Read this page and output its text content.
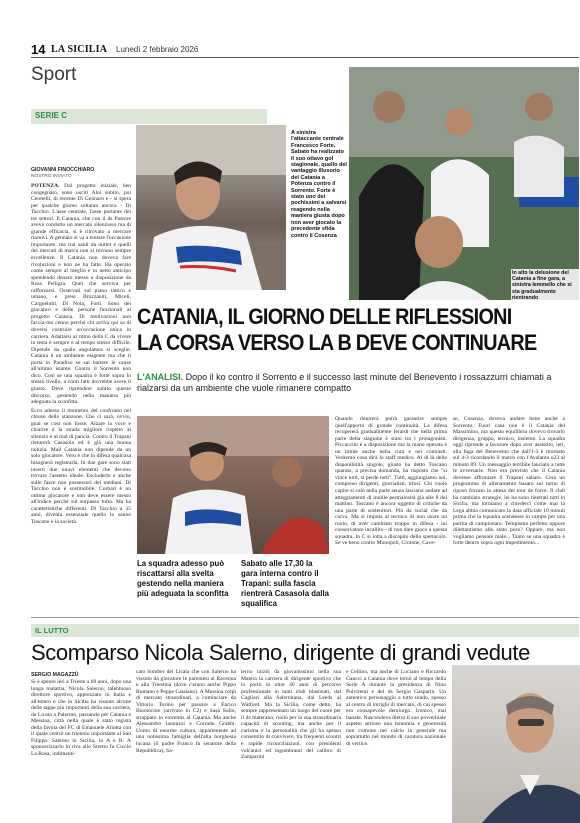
14 LA SICILIA Lunedì 2 febbraio 2026
Sport
SERIE C
GIOVANNI FINOCCHIARO
NOSTRO INVIATO

POTENZA. Dal progetto iniziale, ben congegnato, sono usciti Aloi subito, poi Ceretelli, di recente Di Gennaro e - si spera per qualche giorno soltanto ancora - Di Tacchio. L'asse centrale, l'asse portante dei tre settori. Il Catania, che con il ds Pastore aveva condotto un mercato silenzioso ma di grande efficacia, si è ritrovato a mercare rinnovi. A gennaio si va a tentare l'occasione importante, ma trai saldi da outlet e quelli dei mercati di marca non si trovano sempre eccellenze. Il Catania non doveva fare rivoluzioni e non ne ha fatte. Ha operato come sempre al meglio e in netto anticipo spendendo denaro messo a disposizione da Ross Pelligra. Quel che serviva per rafforzarsi. Osservati sul piano tattico e umano, e presi Bruzzaniti, Miceli, Cargnelutti, Di Noia, Forti. Sono dei giocatori e delle persone funzionali al progetto Catania. Di motivazioni non faccia-mo cenno perché chi arriva qui sa di doversi costruire un'occasione unica in carriera. Adattarsi al ritmo della C da vivere in testa è sempre e al tempo stesso difficile. Dipende da quale angolatura si sceglie. Catania è un ambiente esigente ma che ti porta in Paradiso se sai battere le cause all'ultimo istante. Contro il Sorrento non dico. Così se una squadra è forte sopra lo stesso livello, a conti fatti dovrebbe avere il giusto. Deve riprendere subito questo discorso, gestendo nella maniera più adeguata la sconfitta.

Ecco adesso il momento del confronto nel chiuso dello stanzone. Che ci sarà, ovvio, guai se così non fosse. Alzare la voce e chiarire è la strada migliore rispetto al silenzio e al mal di pancia. Contro il Trapani rientrerà Casasola ed è già una buona notizia. Mail Catania non dipende da un solo giocatore. Vero è che in difesa qualcosa bisognerà registrarla. In due gare sono stati inserti due nuovi elementi che devono trovare l'assetto ideale. Escluderlo e anche sulle fasce non possessori dei mediani. Di Tacchio non è sostituibile. Corbari è un ottimo giocatore e non deve essere messo all'indice perché sul sorpasso tutto. Ma ha caratteristiche differenti. Di Tacchio a 35 anni, diventa essenziale quello lo sanno Toscano e la società.

A sinistra l'attaccante centrale Francesco Forte. Sabato ha realizzato il suo ottavo gol stagionale, quello del vantaggio illusorio del Catania a Potenza contro il Sorrento. Forte è stato uno dei pochissimi a salvarsi reagendo nella maniera giusta dopo non aver giocato la precedente sfida contro il Cosenza
In alto la delusione del Catania a fine gara, a sinistra Iemmello che si sta gradualmente rientrando
CATANIA, IL GIORNO DELLE RIFLESSIONI
LA CORSA VERSO LA B DEVE CONTINUARE
L'ANALISI. Dopo il ko contro il Sorrento e il successo last minute del Benevento i rossazzurri chiamati a rialzarsi da un ambiente che vuole rimanere compatto
La squadra adesso può riscattarsi alla svelta gestendo nella maniera più adeguata la sconfitta
Sabato alle 17,30 la gara interna contro il Trapani: sulla fascia rientrerà Casasola dalla squalifica

Quando rientrerà potrà garantire sempre quell'apporto di grande continuità. La difesa recupererà gradualmente Ierardi che nella prima parte della stagione è stato tra i protagonisti. Piccaccini è a disposizione ma la mano operata è un limite anche nella cura e nei contrasti. Vedremo cosa dirà lo staff medico. Al di là delle disponibilità singole, giusto ha detto Toscano quando, a precisa domanda, ha risposto che "si vince tutti, si perde tutti". Tutti, aggiungiamo noi, compreso dirigenti, giornalisti, tifosi. Chi vuole capire si calò nella parte senza lasciarsi andare ad atteggiamenti di inutile permalosità già alle 8 del mattino. Toscano è ancora oggetto di critiche da una parte di sostenitori. Più da social che da curva. Ma si imputa al tecnico di non usare un ruolo, di aver cambiato troppo in difesa - lui conservatore incallito - di non dare gioco a questa squadra. In C si lotta a discapito dello spettacolo. Se ve beno contro Monopoli, Crotone, Cave-

se, Cosenza, doveva andare bene anche a Sorrento. Fuori casa non è il Catania del Massimino, ma questo equilibrio dovevo trovarlo dirigenza, gruppo, tecnico, insieme. La squadra oggi riprende a lavorare dopo aver assistito, ieri, alla fuga del Benevento che dall'1-3 è ritornato sul 4-3 ricordando il match con l'Avalanta u23 al minuto 89. Un messaggio terribile lanciato a tutte le avversarie. Non era previsto che il Catania dovesse affrontare il Trapani sabato. Cera un programma di allenamento basato sul turno di riposo forzato in attesa del tour de force. Il club ha cambiato strategie, lei ha sono rientrati tutti in Sicilia, ma torniamo a chiederci come mai la Lega abbia comunicato la data ufficiale 10 minuti prima che la squadra scendesse in campo per una partita di campionato. Tempismo perfetto oppure dilettantismo allo stato puro? Oppure, ma non vogliamo pensare male... Tanto se una squadra è forte dentro sopra ogni impedimento...

IL LUTTO
Scomparso Nicola Salerno, dirigente di grandi vedute
SERGIO MAGAZZÙ

Si è spento ieri a Trieste a 69 anni, dopo una lunga malattia, Nicola Salerno, talentuoso direttore sportivo, apprezzato in Italia e all'estero e che in Sicilia ha vissuto alcune delle tappe più importanti della sua carriera, da Licata a Palermo, passando per Catania e Messina, città nella quale è stato regista della favola del FC di Emanuele Aliotta con il quale centrò un triennio importante al San Filippo. Salerno in Sicilia, in A e B. A sponsorizzarlo in riva allo Stretto fu Ciccio La Rosa, indimenti-

cato bomber del Licata che con Salerno ha vissuto da giocatore le parentesi al Ravenna e alla Triestina (dove c'erano anche Pippo Romano e Peppe Catalano). A Messina colpì di mercato straordinari, a cominciare da Vittorio Torino per passare a Enrico Buonocore (arrivato in C2) e Sasà Sullo, strappato in extremis al Catania. Ma anche Alessandro Iannuzzi e Corrado Grabbi. Uomo di enorme cultura, appartenente ad una notissima famiglia dell'alta borghesia lucana (il padre Franco fu senatore della Repubblica), Sa-

lerno iniziò da giovanissimo nella sua Matera la carriera di dirigente sportivo che lo portò in oltre 40 anni di percorso professionale in tanti club blasonati, dal Cagliari alla Salernitana, dal Leeds al Watford. Ma la Sicilia, come detto, ha sempre rappresentato un luogo del cuore per il ds materano, ruolo per la sua straordinaria capacità di scouting, ma anche per il carisma e la personalità che gli ha spesso consentito di convivere, tra frequenti scontri e rapide riconciliazioni, con presidenti vulcanici ed ingombranti del calibro di Zamparini

e Cellino, ma anche di Luciano e Riccardo Gaucci a Catania dove tornò al tempo della Serie A durante la presidenza di Nino Pulvirenti e del ds Sergio Gasparin. Un autentico personaggio a tutto tondo, spesso al centro di intrighi di mercato, di cui spesso era consapevole demiurgo. Ironico, mai banale. Nascondeva dietro il suo proverbiale aspetto serioso una bonomia e generosità non comune nel calcio in generale ma soprattutto nel mondo di caratura nazionale di vertice.
